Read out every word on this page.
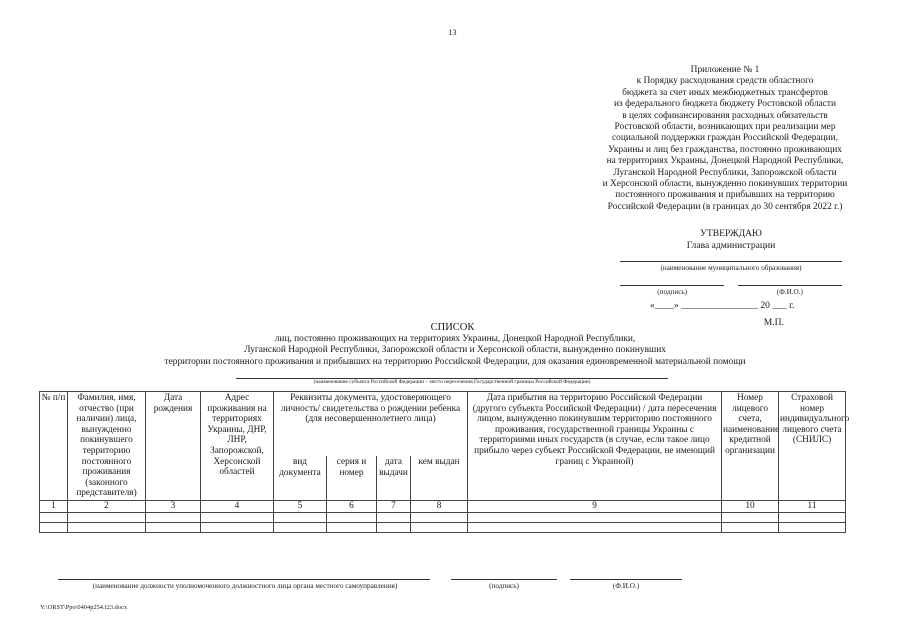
13
Приложение № 1
к Порядку расходования средств областного
бюджета за счет иных межбюджетных трансфертов
из федерального бюджета бюджету Ростовской области
в целях софинансирования расходных обязательств
Ростовской области, возникающих при реализации мер
социальной поддержки граждан Российской Федерации,
Украины и лиц без гражданства, постоянно проживающих
на территориях Украины, Донецкой Народной Республики,
Луганской Народной Республики, Запорожской области
и Херсонской области, вынужденно покинувших территории
постоянного проживания и прибывших на территорию
Российской Федерации (в границах до 30 сентября 2022 г.)
УТВЕРЖДАЮ
Глава администрации
(наименование муниципального образования)
(подпись)	(Ф.И.О.)
«____» ________________ 20 ___ г.
М.П.
СПИСОК
лиц, постоянно проживающих на территориях Украины, Донецкой Народной Республики,
Луганской Народной Республики, Запорожской области и Херсонской области, вынужденно покинувших
территории постоянного проживания и прибывших на территорию Российской Федерации, для оказания единовременной материальной помощи
(наименование субъекта Российской Федерации – место пересечения Государственной границы Российской Федерации)
№ п/п	Фамилия, имя, отчество (при наличии) лица, вынужденно покинувшего территорию постоянного проживания (законного представителя)	Дата рождения	Адрес проживания на территориях Украины, ДНР, ЛНР, Запорожской, Херсонской областей	Реквизиты документа, удостоверяющего личность/ свидетельства о рождении ребенка (для несовершеннолетнего лица)				Дата прибытия на территорию Российской Федерации (другого субъекта Российской Федерации) / дата пересечения лицом, вынужденно покинувшим территорию постоянного проживания, государственной границы Украины с территориями иных государств (в случае, если такое лицо прибыло через субъект Российской Федерации, не имеющий границ с Украиной)	Номер лицевого счета, наименование кредитной организации	Страховой номер индивидуального лицевого счета (СНИЛС)
				вид документа	серия и номер	дата выдачи	кем выдан			
1	2	3	4	5	6	7	8	9	10	11

(наименование должности уполномоченного должностного лица органа местного самоуправления)	(подпись)	(Ф.И.О.)
Y:\ORST\Ppo\0404p254.f23.docx
